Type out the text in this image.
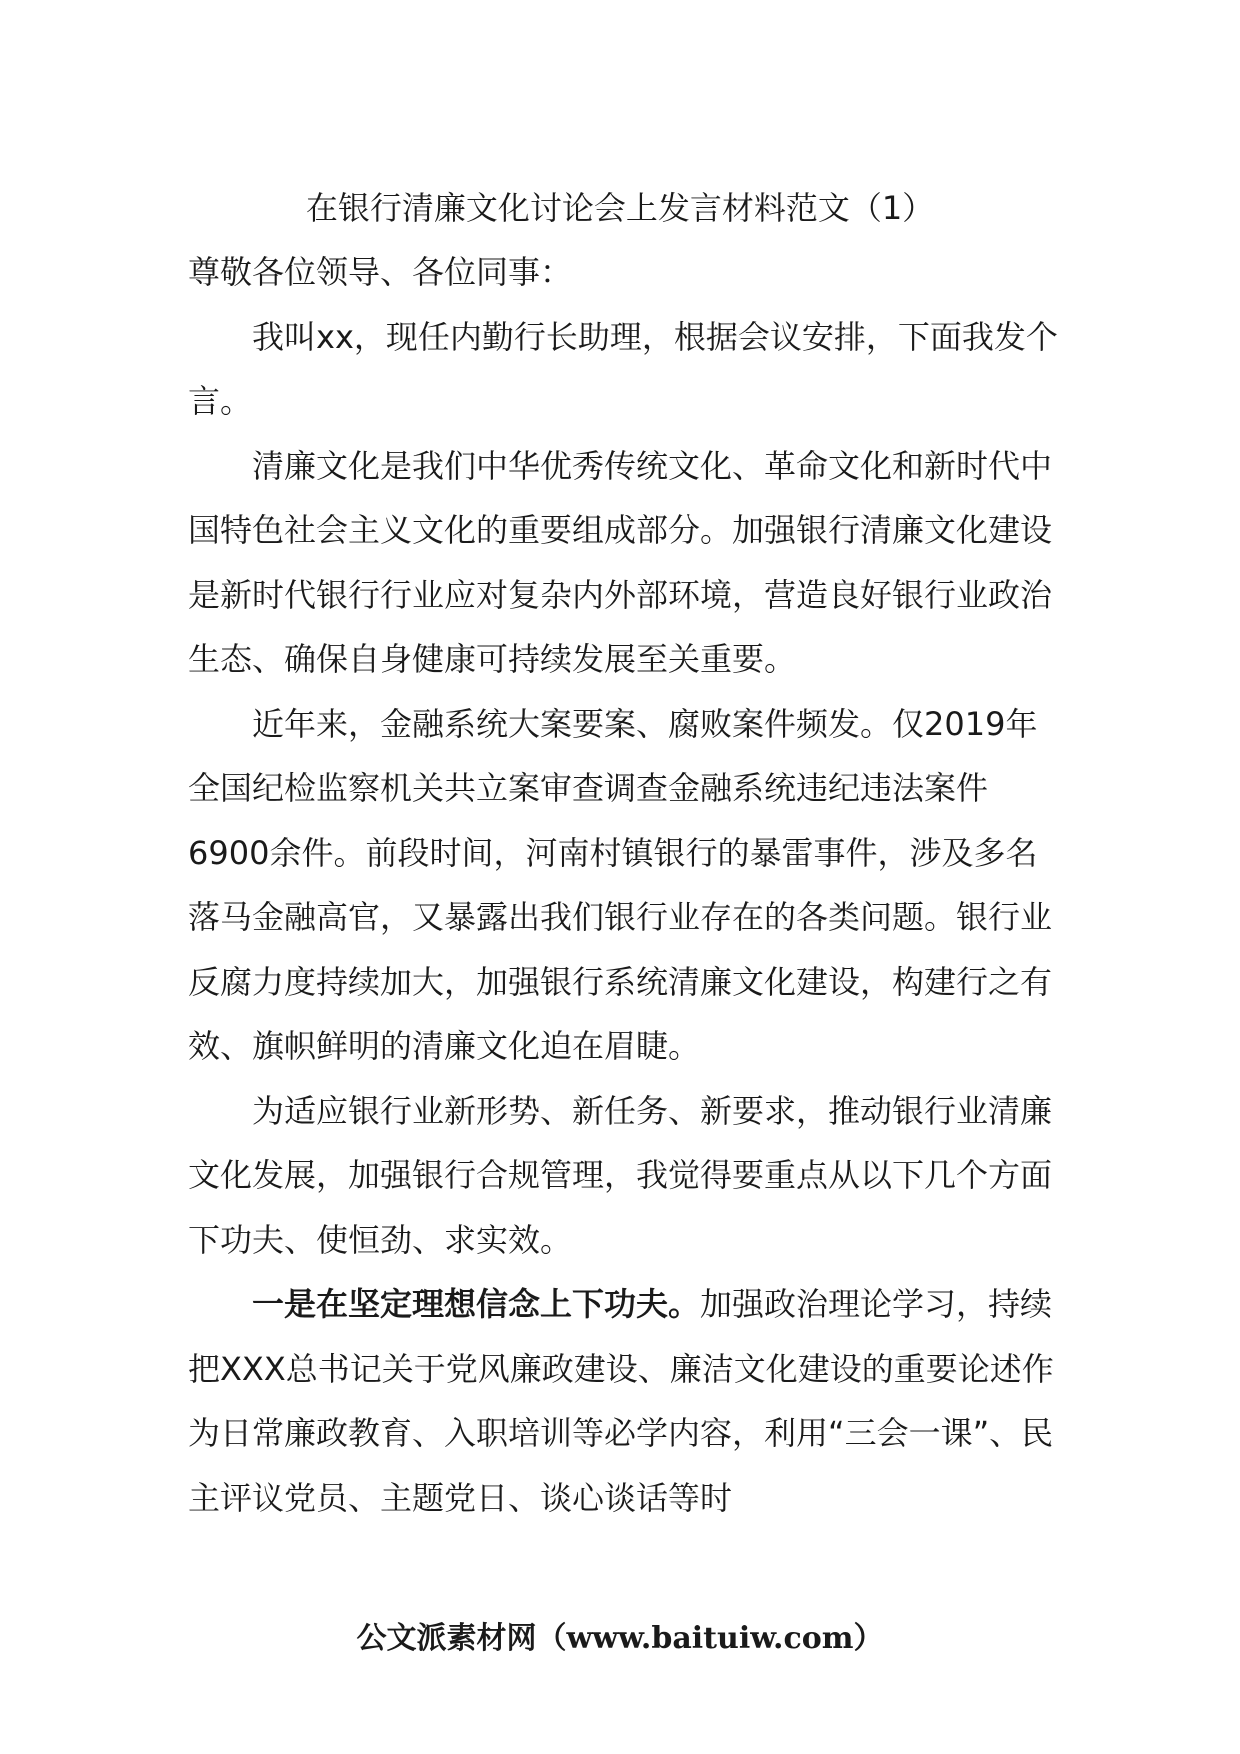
在银行清廉文化讨论会上发言材料范文（1）

尊敬各位领导、各位同事：

我叫xx，现任内勤行长助理，根据会议安排，下面我发个言。

清廉文化是我们中华优秀传统文化、革命文化和新时代中国特色社会主义文化的重要组成部分。加强银行清廉文化建设是新时代银行行业应对复杂内外部环境，营造良好银行业政治生态、确保自身健康可持续发展至关重要。

近年来，金融系统大案要案、腐败案件频发。仅2019年全国纪检监察机关共立案审查调查金融系统违纪违法案件6900余件。前段时间，河南村镇银行的暴雷事件，涉及多名落马金融高官，又暴露出我们银行业存在的各类问题。银行业反腐力度持续加大，加强银行系统清廉文化建设，构建行之有效、旗帜鲜明的清廉文化迫在眉睫。

为适应银行业新形势、新任务、新要求，推动银行业清廉文化发展，加强银行合规管理，我觉得要重点从以下几个方面下功夫、使恒劲、求实效。

一是在坚定理想信念上下功夫。加强政治理论学习，持续把XXX总书记关于党风廉政建设、廉洁文化建设的重要论述作为日常廉政教育、入职培训等必学内容，利用“三会一课”、民主评议党员、主题党日、谈心谈话等时

公文派素材网（www.baituiw.com）
